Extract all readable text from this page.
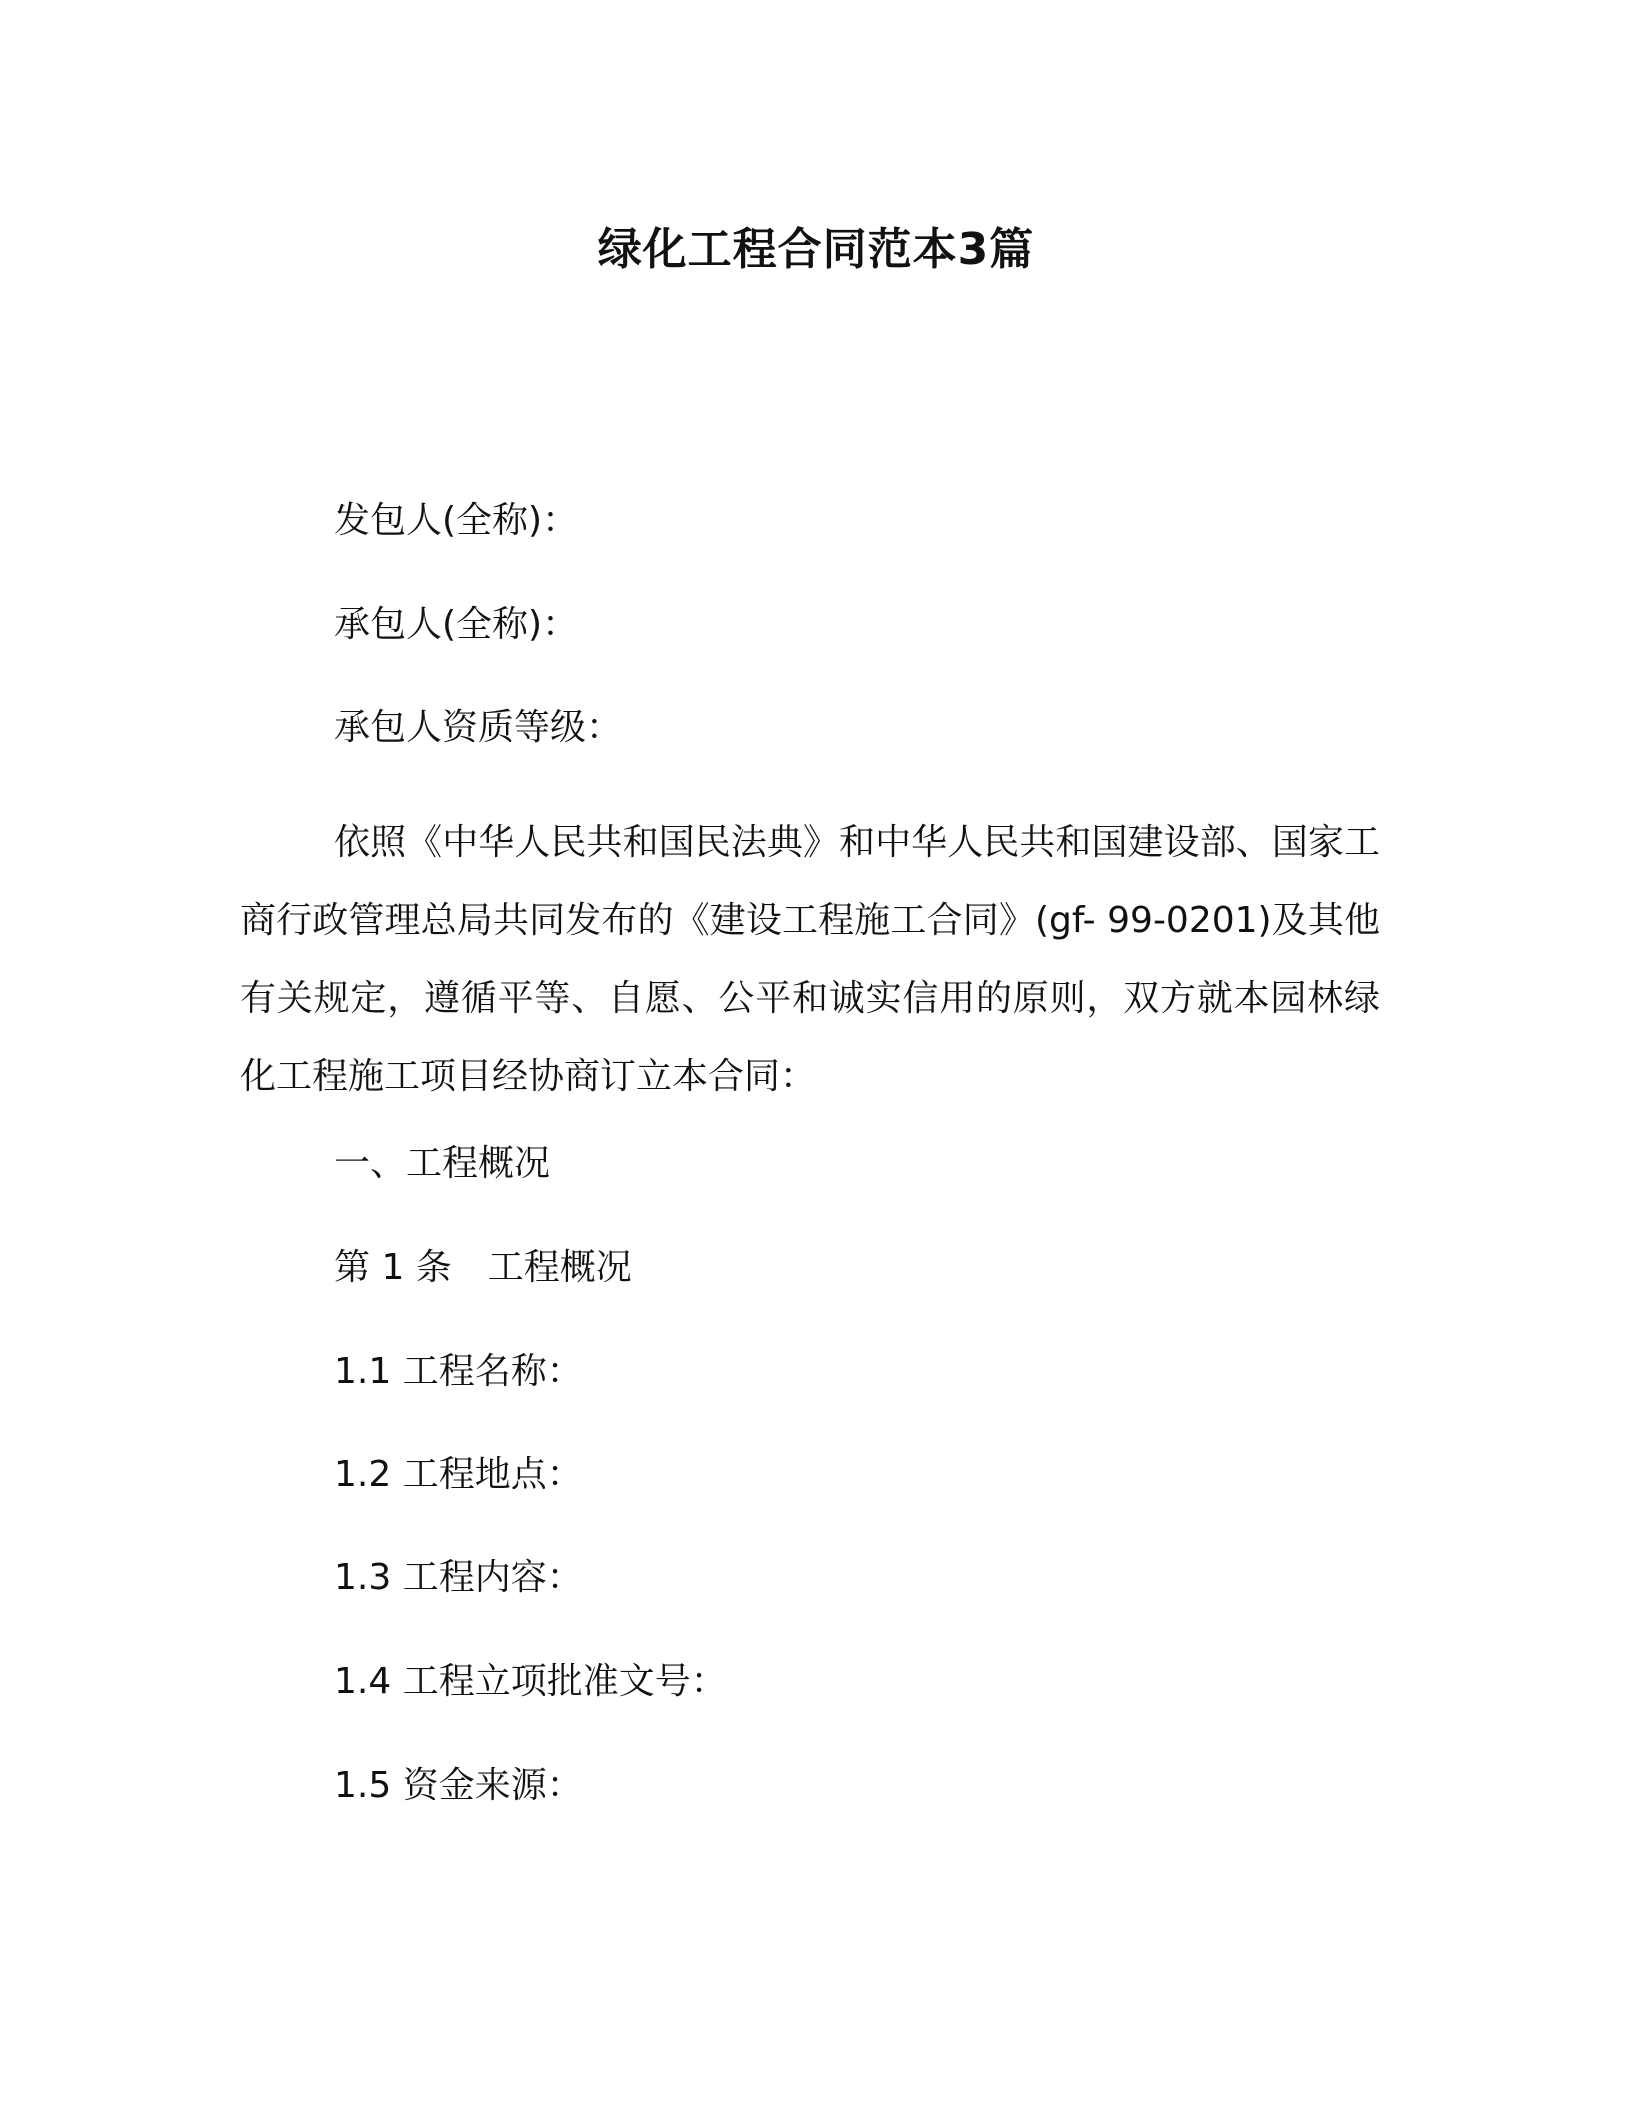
绿化工程合同范本3篇
发包人(全称)：
承包人(全称)：
承包人资质等级：
依照《中华人民共和国民法典》和中华人民共和国建设部、国家工商行政管理总局共同发布的《建设工程施工合同》(gf- 99-0201)及其他有关规定，遵循平等、自愿、公平和诚实信用的原则，双方就本园林绿化工程施工项目经协商订立本合同：
一、工程概况
第 1 条　工程概况
1.1 工程名称：
1.2 工程地点：
1.3 工程内容：
1.4 工程立项批准文号：
1.5 资金来源：
